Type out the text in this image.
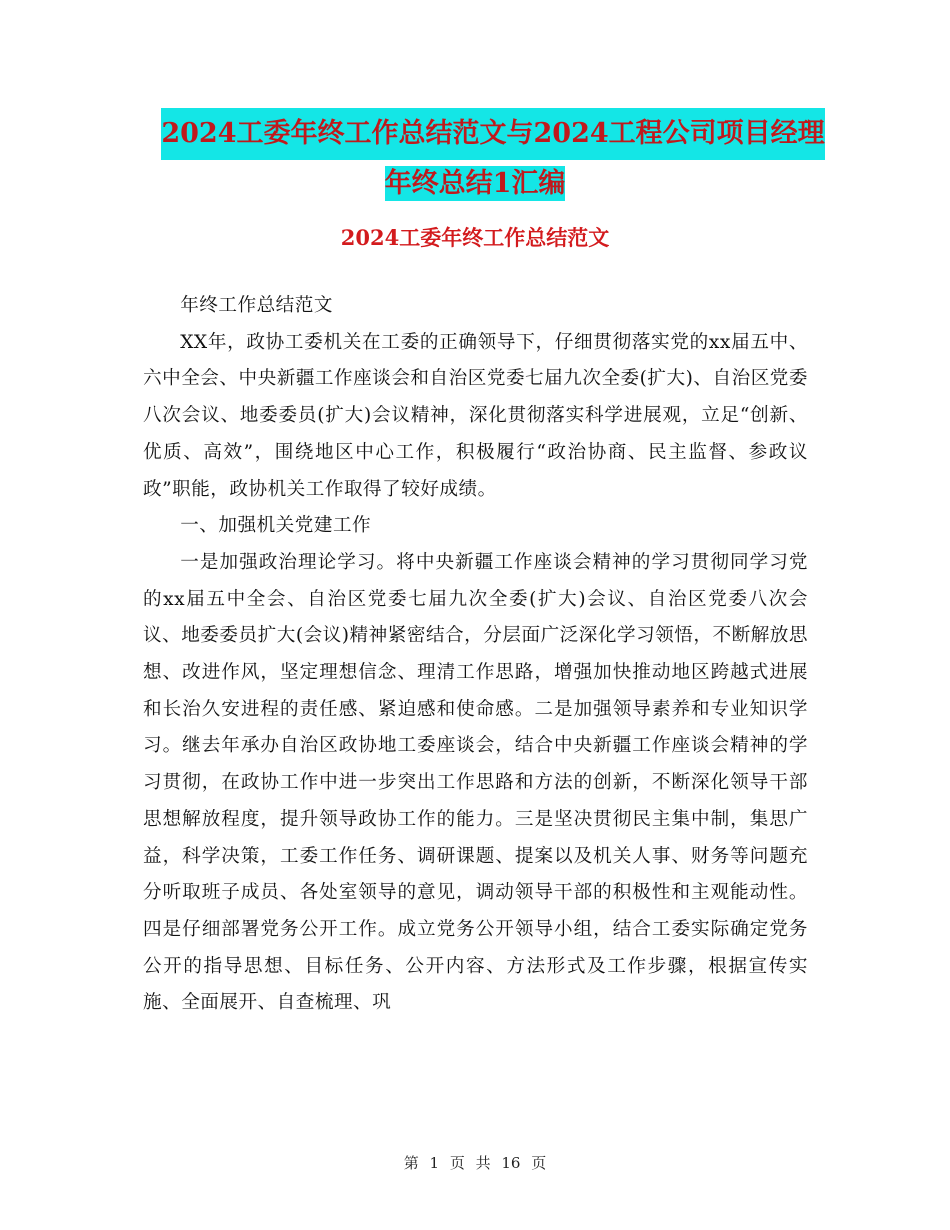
2024工委年终工作总结范文与2024工程公司项目经理
年终总结1汇编
2024工委年终工作总结范文

年终工作总结范文

XX年，政协工委机关在工委的正确领导下，仔细贯彻落实党的xx届五中、六中全会、中央新疆工作座谈会和自治区党委七届九次全委(扩大)、自治区党委八次会议、地委委员(扩大)会议精神，深化贯彻落实科学进展观，立足“创新、优质、高效”，围绕地区中心工作，积极履行“政治协商、民主监督、参政议政”职能，政协机关工作取得了较好成绩。

一、加强机关党建工作

一是加强政治理论学习。将中央新疆工作座谈会精神的学习贯彻同学习党的xx届五中全会、自治区党委七届九次全委(扩大)会议、自治区党委八次会议、地委委员扩大(会议)精神紧密结合，分层面广泛深化学习领悟，不断解放思想、改进作风，坚定理想信念、理清工作思路，增强加快推动地区跨越式进展和长治久安进程的责任感、紧迫感和使命感。二是加强领导素养和专业知识学习。继去年承办自治区政协地工委座谈会，结合中央新疆工作座谈会精神的学习贯彻，在政协工作中进一步突出工作思路和方法的创新，不断深化领导干部思想解放程度，提升领导政协工作的能力。三是坚决贯彻民主集中制，集思广益，科学决策，工委工作任务、调研课题、提案以及机关人事、财务等问题充分听取班子成员、各处室领导的意见，调动领导干部的积极性和主观能动性。四是仔细部署党务公开工作。成立党务公开领导小组，结合工委实际确定党务公开的指导思想、目标任务、公开内容、方法形式及工作步骤，根据宣传实施、全面展开、自查梳理、巩

第 1 页 共 16 页
